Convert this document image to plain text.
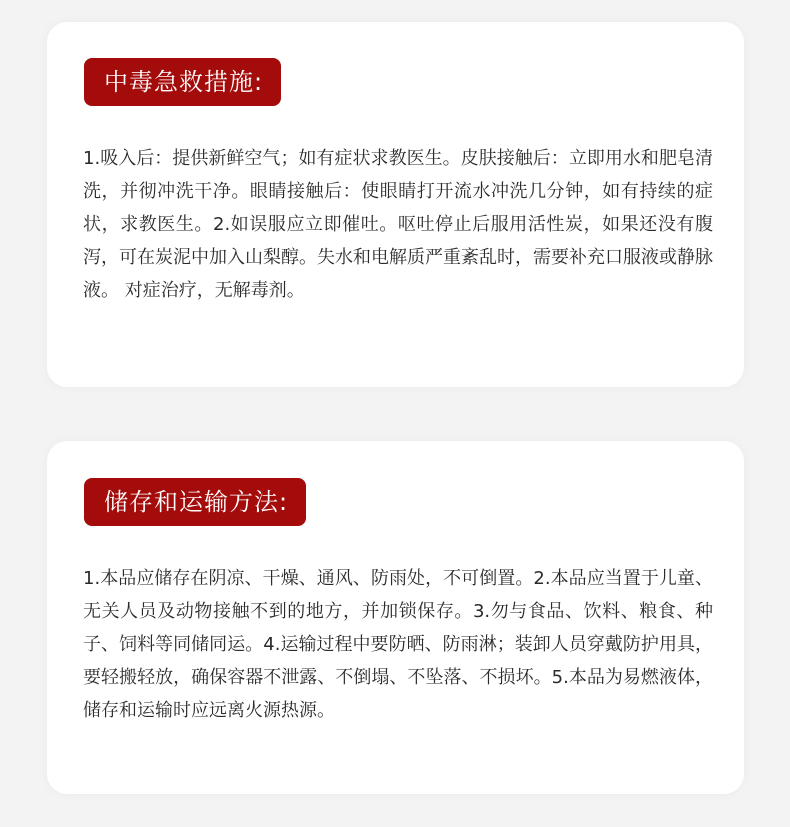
中毒急救措施:

1.吸入后：提供新鲜空气；如有症状求教医生。皮肤接触后：立即用水和肥皂清洗，并彻冲洗干净。眼睛接触后：使眼睛打开流水冲洗几分钟，如有持续的症状，求教医生。2.如误服应立即催吐。呕吐停止后服用活性炭，如果还没有腹泻，可在炭泥中加入山梨醇。失水和电解质严重紊乱时，需要补充口服液或静脉液。 对症治疗，无解毒剂。

储存和运输方法:

1.本品应储存在阴凉、干燥、通风、防雨处，不可倒置。2.本品应当置于儿童、无关人员及动物接触不到的地方，并加锁保存。3.勿与食品、饮料、粮食、种子、饲料等同储同运。4.运输过程中要防晒、防雨淋；装卸人员穿戴防护用具，要轻搬轻放，确保容器不泄露、不倒塌、不坠落、不损坏。5.本品为易燃液体，储存和运输时应远离火源热源。
